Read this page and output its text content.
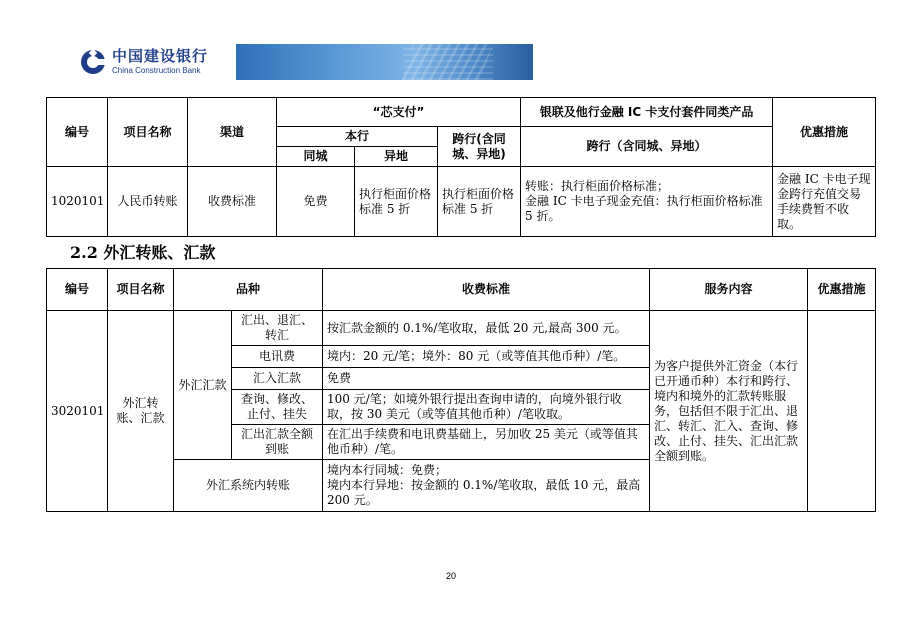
中国建设银行
China Construction Bank
编号	项目名称	渠道	“芯支付”			银联及他行金融 IC 卡支付套件同类产品	优惠措施
			本行		跨行(含同城、异地)	跨行（含同城、异地）	
			同城	异地			
1020101	人民币转账	收费标准	免费	执行柜面价格标准 5 折	执行柜面价格标准 5 折	转账：执行柜面价格标准；
金融 IC 卡电子现金充值：执行柜面价格标准 5 折。	金融 IC 卡电子现金跨行充值交易手续费暂不收取。
2.2 外汇转账、汇款
编号	项目名称	品种		收费标准	服务内容	优惠措施
3020101	外汇转账、汇款	外汇汇款	汇出、退汇、转汇	按汇款金额的 0.1%/笔收取，最低 20 元,最高 300 元。	为客户提供外汇资金（本行已开通币种）本行和跨行、境内和境外的汇款转账服务，包括但不限于汇出、退汇、转汇、汇入、查询、修改、止付、挂失、汇出汇款全额到账。	
			电讯费	境内：20 元/笔；境外：80 元（或等值其他币种）/笔。		
			汇入汇款	免费		
			查询、修改、止付、挂失	100 元/笔；如境外银行提出查询申请的，向境外银行收取，按 30 美元（或等值其他币种）/笔收取。		
			汇出汇款全额到账	在汇出手续费和电讯费基础上，另加收 25 美元（或等值其他币种）/笔。		
		外汇系统内转账		境内本行同城：免费；
境内本行异地：按金额的 0.1%/笔收取，最低 10 元，最高 200 元。		
20
